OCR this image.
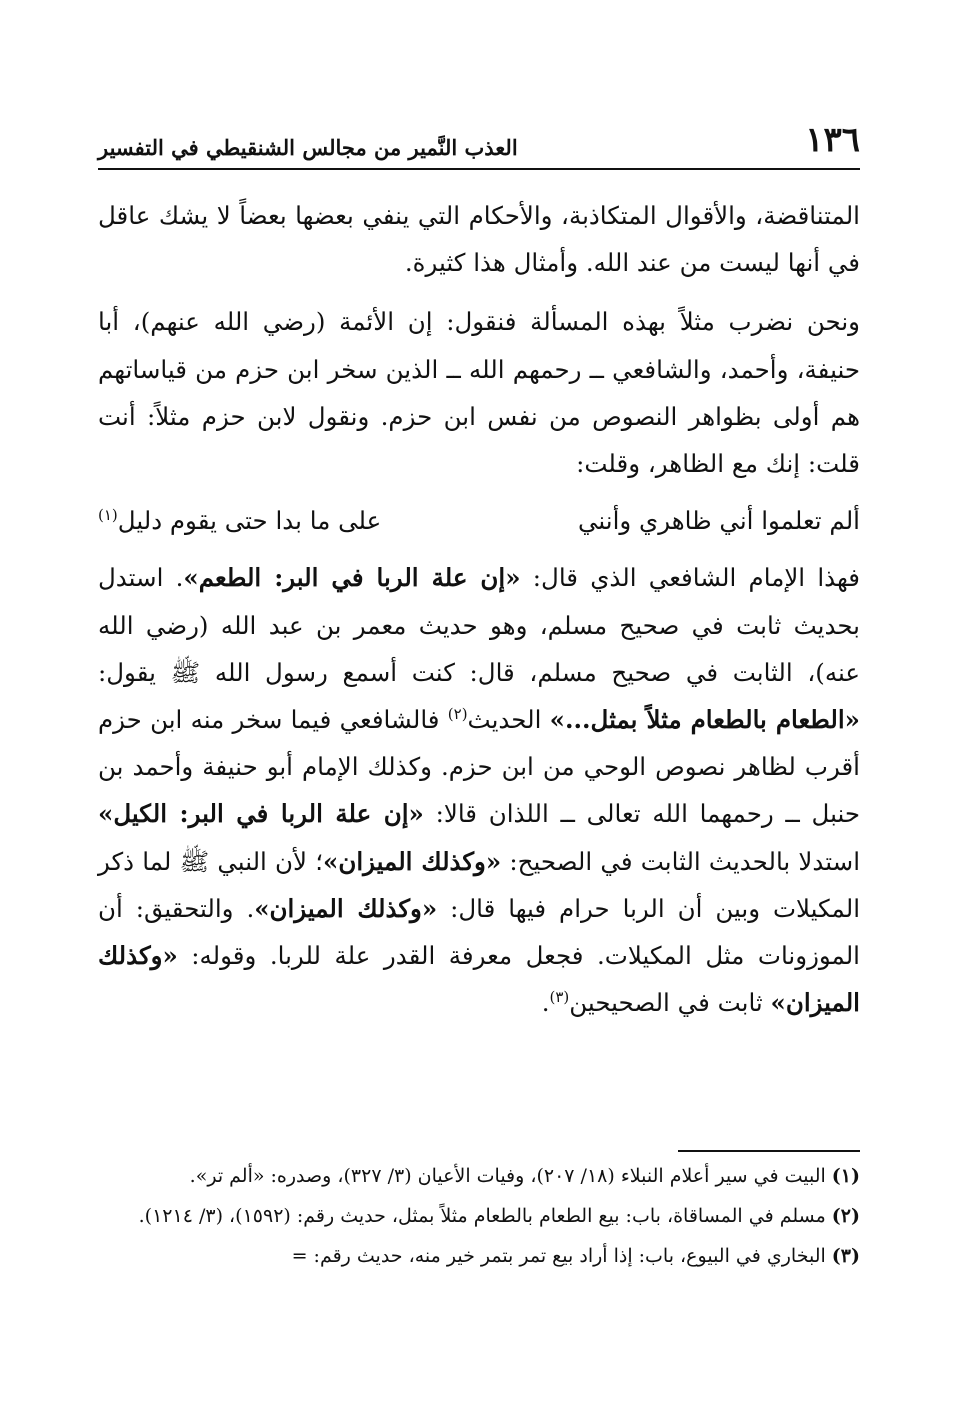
١٣٦
العذب النَّمير من مجالس الشنقيطي في التفسير

المتناقضة، والأقوال المتكاذبة، والأحكام التي ينفي بعضها بعضاً لا يشك عاقل في أنها ليست من عند الله. وأمثال هذا كثيرة.

ونحن نضرب مثلاً بهذه المسألة فنقول: إن الأئمة (رضي الله عنهم)، أبا حنيفة، وأحمد، والشافعي ــ رحمهم الله ــ الذين سخر ابن حزم من قياساتهم هم أولى بظواهر النصوص من نفس ابن حزم. ونقول لابن حزم مثلاً: أنت قلت: إنك مع الظاهر، وقلت:

ألم تعلموا أني ظاهري وأنني
على ما بدا حتى يقوم دليل$^{(١)}$

فهذا الإمام الشافعي الذي قال: «إن علة الربا في البر: الطعم». استدل بحديث ثابت في صحيح مسلم، وهو حديث معمر بن عبد الله (رضي الله عنه)، الثابت في صحيح مسلم، قال: كنت أسمع رسول الله ﷺ يقول: «الطعام بالطعام مثلاً بمثل...» الحديث$^{(٢)}$ فالشافعي فيما سخر منه ابن حزم أقرب لظاهر نصوص الوحي من ابن حزم. وكذلك الإمام أبو حنيفة وأحمد بن حنبل ــ رحمهما الله تعالى ــ اللذان قالا: «إن علة الربا في البر: الكيل» استدلا بالحديث الثابت في الصحيح: «وكذلك الميزان»؛ لأن النبي ﷺ لما ذكر المكيلات وبين أن الربا حرام فيها قال: «وكذلك الميزان». والتحقيق: أن الموزونات مثل المكيلات. فجعل معرفة القدر علة للربا. وقوله: «وكذلك الميزان» ثابت في الصحيحين$^{(٣)}$.

(١)البيت في سير أعلام النبلاء (١٨/ ٢٠٧)، وفيات الأعيان (٣/ ٣٢٧)، وصدره: «ألم تر».

(٢)مسلم في المساقاة، باب: بيع الطعام بالطعام مثلاً بمثل، حديث رقم: (١٥٩٢)، (٣/ ١٢١٤).

(٣)البخاري في البيوع، باب: إذا أراد بيع تمر بتمر خير منه، حديث رقم: =
